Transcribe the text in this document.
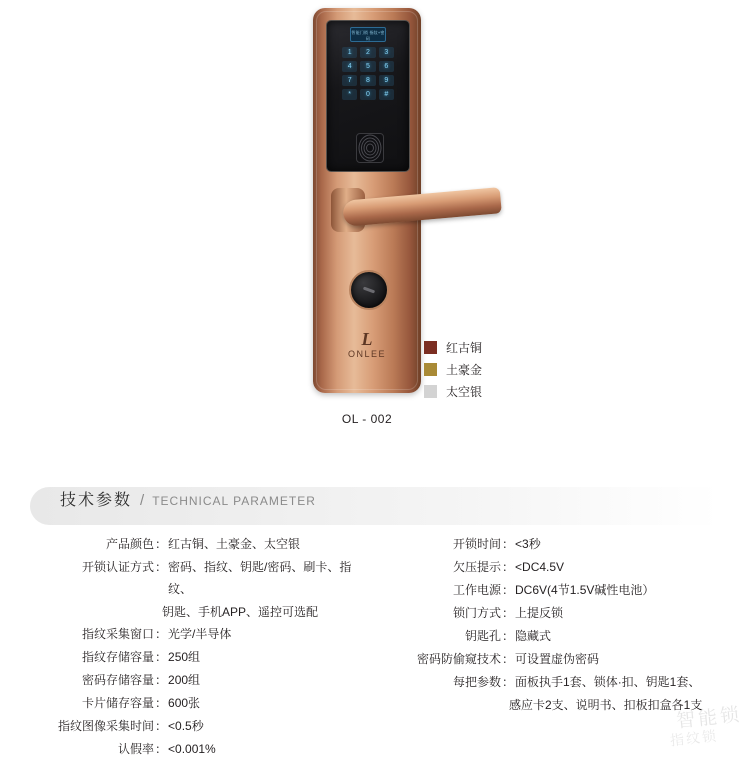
智能门锁 指纹+密码
1	2	3
4	5	6
7	8	9
*	0	#
L
ONLEE
OL - 002
红古铜
土豪金
太空银
技术参数 / TECHNICAL PARAMETER
产品颜色 ： 红古铜、土豪金、太空银
开锁认证方式 ： 密码、指纹、钥匙/密码、刷卡、指纹、
钥匙、手机APP、遥控可选配
指纹采集窗口 ： 光学/半导体
指纹存储容量 ： 250组
密码存储容量 ： 200组
卡片储存容量 ： 600张
指纹图像采集时间 ： <0.5秒
认假率 ： <0.001%
开锁时间 ： <3秒
欠压提示 ： <DC4.5V
工作电源 ： DC6V(4节1.5V碱性电池）
锁门方式 ： 上提反锁
钥匙孔 ： 隐藏式
密码防偷窥技术 ： 可设置虚伪密码
每把参数 ： 面板执手1套、锁体·扣、钥匙1套、
感应卡2支、说明书、扣板扣盒各1支
智能锁
指纹锁
